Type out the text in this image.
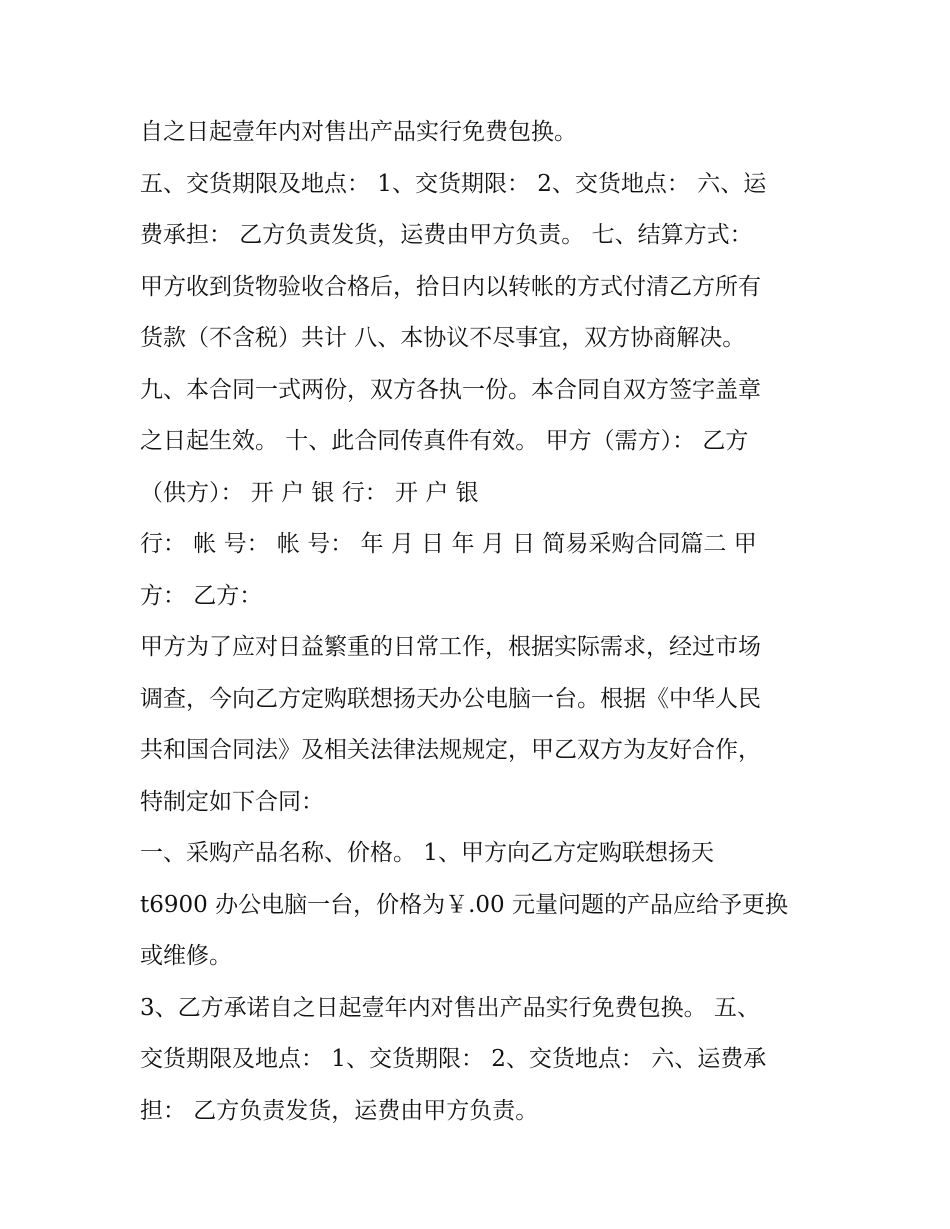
自之日起壹年内对售出产品实行免费包换。

五、交货期限及地点： 1、交货期限： 2、交货地点： 六、运

费承担： 乙方负责发货，运费由甲方负责。 七、结算方式：

甲方收到货物验收合格后，拾日内以转帐的方式付清乙方所有

货款（不含税）共计 八、本协议不尽事宜，双方协商解决。

九、本合同一式两份，双方各执一份。本合同自双方签字盖章

之日起生效。 十、此合同传真件有效。 甲方（需方）： 乙方

（供方）： 开 户 银 行： 开 户 银

行： 帐 号： 帐 号： 年 月 日 年 月 日 简易采购合同篇二 甲

方： 乙方：

甲方为了应对日益繁重的日常工作，根据实际需求，经过市场

调查，今向乙方定购联想扬天办公电脑一台。根据《中华人民

共和国合同法》及相关法律法规规定，甲乙双方为友好合作，

特制定如下合同：

一、采购产品名称、价格。 1、甲方向乙方定购联想扬天

t6900 办公电脑一台，价格为￥.00 元量问题的产品应给予更换

或维修。

3、乙方承诺自之日起壹年内对售出产品实行免费包换。 五、

交货期限及地点： 1、交货期限： 2、交货地点： 六、运费承

担： 乙方负责发货，运费由甲方负责。
